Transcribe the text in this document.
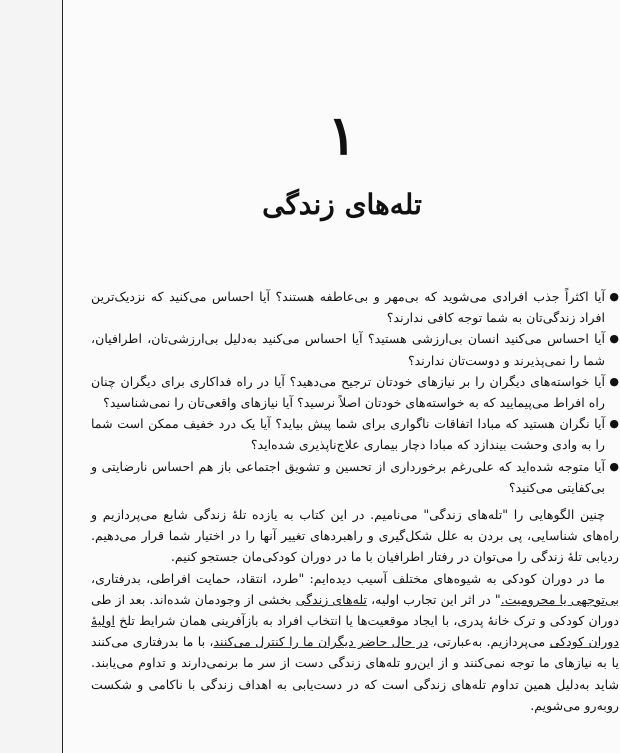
۱
تله‌های زندگی
●
آیا اکثراً جذب افرادی می‌شوید که بی‌مهر و بی‌عاطفه هستند؟ آیا احساس می‌کنید که نزدیک‌ترین افراد زندگی‌تان به شما توجه کافی ندارند؟
●
آیا احساس می‌کنید انسان بی‌ارزشی هستید؟ آیا احساس می‌کنید به‌دلیل بی‌ارزشی‌تان، اطرافیان، شما را نمی‌پذیرند و دوست‌تان ندارند؟
●
آیا خواسته‌های دیگران را بر نیازهای خودتان ترجیح می‌دهید؟ آیا در راه فداکاری برای دیگران چنان راه افراط می‌پیمایید که به خواسته‌های خودتان اصلاً نرسید؟ آیا نیازهای واقعی‌تان را نمی‌شناسید؟
●
آیا نگران هستید که مبادا اتفاقات ناگواری برای شما پیش بیاید؟ آیا یک درد خفیف ممکن است شما را به وادی وحشت بیندازد که مبادا دچار بیماری علاج‌ناپذیری شده‌اید؟
●
آیا متوجه شده‌اید که علی‌رغم برخورداری از تحسین و تشویق اجتماعی باز هم احساس نارضایتی و بی‌کفایتی می‌کنید؟

چنین الگوهایی را "تله‌های زندگی" می‌نامیم. در این کتاب به یازده تلهٔ زندگی شایع می‌پردازیم و راه‌های شناسایی، پی بردن به علل شکل‌گیری و راهبردهای تغییر آنها را در اختیار شما قرار می‌دهیم. ردیابی تلهٔ زندگی را می‌توان در رفتار اطرافیان با ما در دوران کودکی‌مان جستجو کنیم.

ما در دوران کودکی به شیوه‌های مختلف آسیب دیده‌ایم: "طرد، انتقاد، حمایت افراطی، بدرفتاری، بی‌توجهی یا محرومیت." در اثر این تجارب اولیه، تله‌های زندگی بخشی از وجودمان شده‌اند. بعد از طی دوران کودکی و ترک خانهٔ پدری، با ایجاد موقعیت‌ها یا انتخاب افراد به بازآفرینی همان شرایط تلخ اولیهٔ دوران کودکی می‌پردازیم. به‌عبارتی، در حال حاضر دیگران ما را کنترل می‌کنند، با ما بدرفتاری می‌کنند یا به نیازهای ما توجه نمی‌کنند و از این‌رو تله‌های زندگی دست از سر ما برنمی‌دارند و تداوم می‌یابند. شاید به‌دلیل همین تداوم تله‌های زندگی است که در دست‌یابی به اهداف زندگی با ناکامی و شکست روبه‌رو می‌شویم.
